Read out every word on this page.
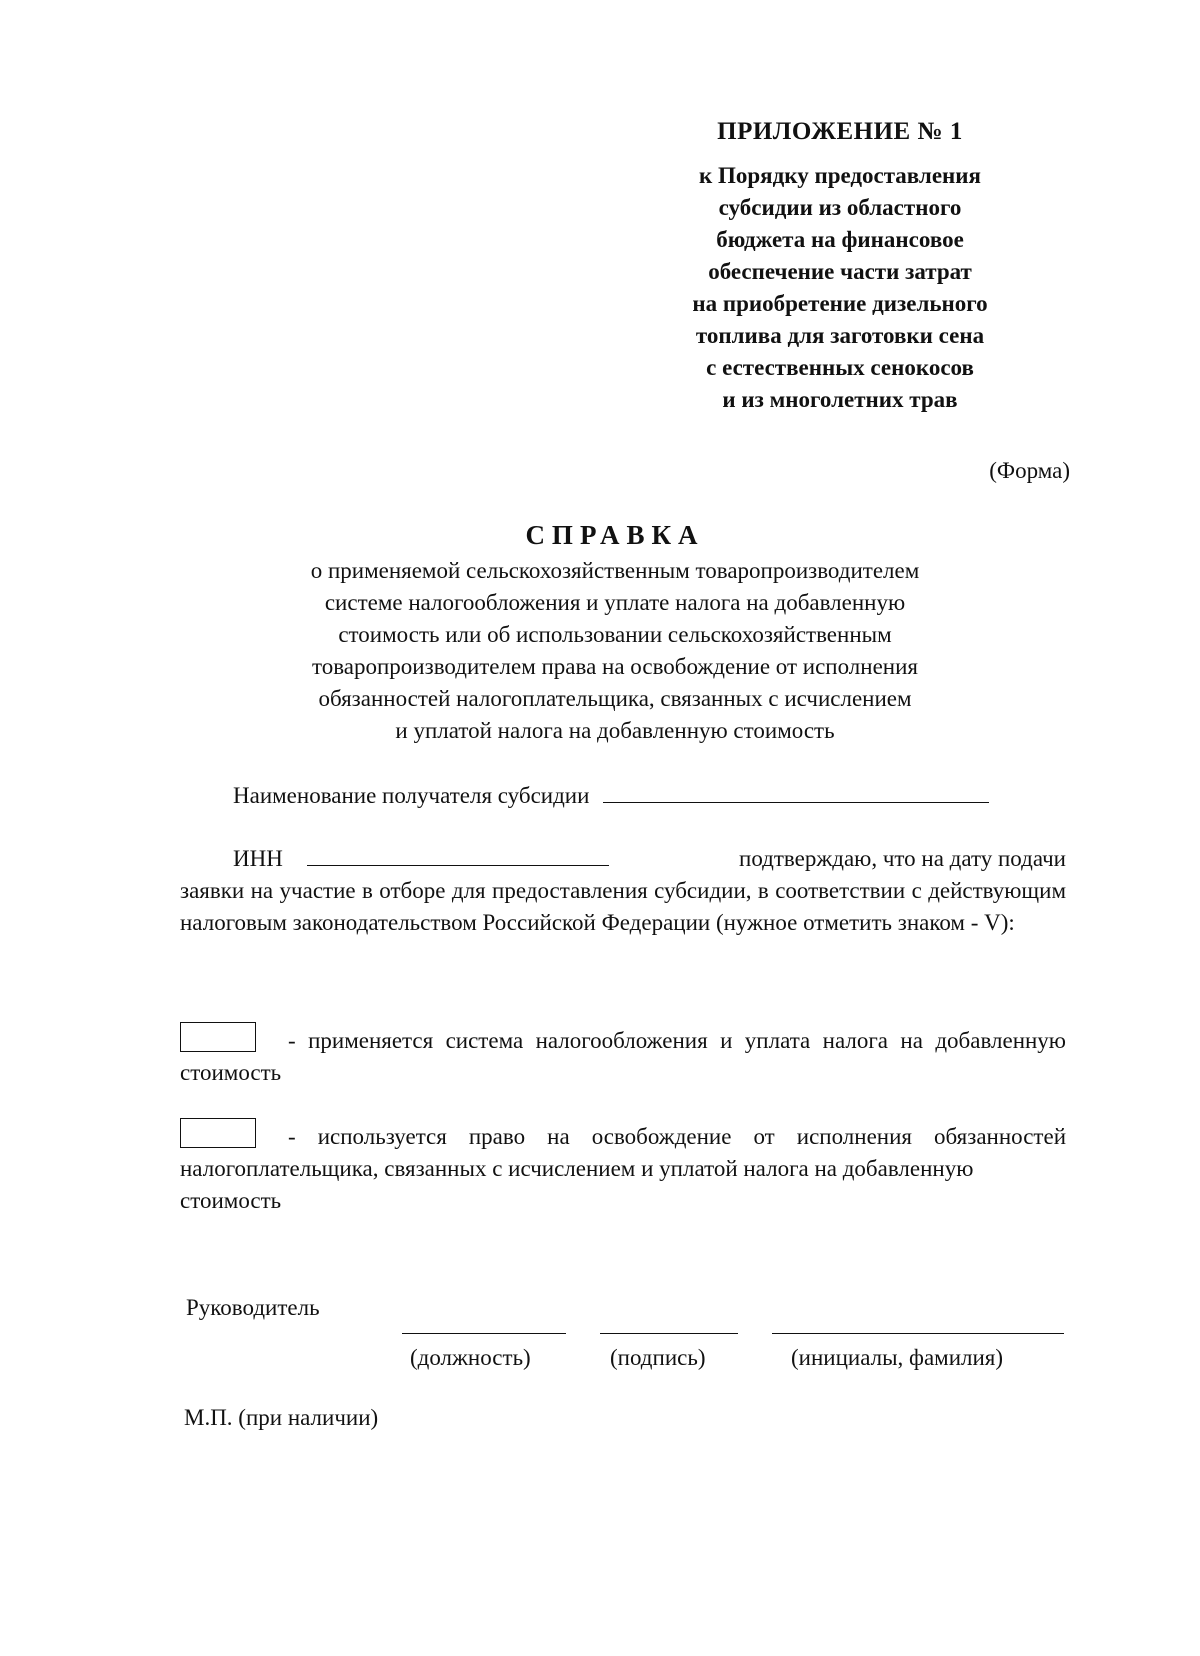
ПРИЛОЖЕНИЕ № 1
к Порядку предоставления
субсидии из областного
бюджета на финансовое
обеспечение части затрат
на приобретение дизельного
топлива для заготовки сена
с естественных сенокосов
и из многолетних трав
(Форма)
СПРАВКА
о применяемой сельскохозяйственным товаропроизводителем
системе налогообложения и уплате налога на добавленную
стоимость или об использовании сельскохозяйственным
товаропроизводителем права на освобождение от исполнения
обязанностей налогоплательщика, связанных с исчислением
и уплатой налога на добавленную стоимость
Наименование получателя субсидии
ИНН	подтверждаю, что на дату подачи
заявки на участие в отборе для предоставления субсидии, в соответствии с действующим налоговым законодательством Российской Федерации (нужное отметить знаком - V):
- применяется система налогообложения и уплата налога на добавленную стоимость
- используется право на освобождение от исполнения обязанностей налогоплательщика, связанных с исчислением и уплатой налога на добавленную
стоимость
Руководитель
(должность)	(подпись)	(инициалы, фамилия)
М.П. (при наличии)
